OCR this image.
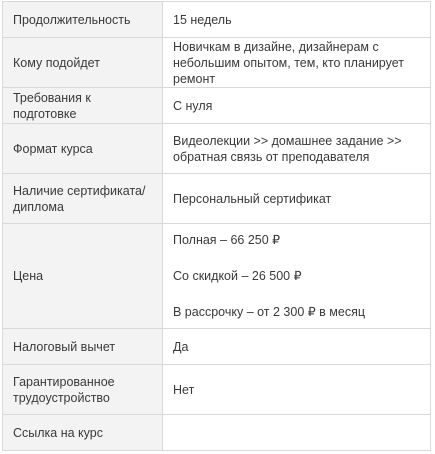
Продолжительность	15 недель
Кому подойдет	Новичкам в дизайне, дизайнерам с небольшим опытом, тем, кто планирует ремонт
Требования к подготовке	С нуля
Формат курса	Видеолекции >> домашнее задание >> обратная связь от преподавателя
Наличие сертификата/ диплома	Персональный сертификат
Цена	Полная – 66 250 ₽
Со скидкой – 26 500 ₽
В рассрочку – от 2 300 ₽ в месяц

Налоговый вычет	Да
Гарантированное трудоустройство	Нет
Ссылка на курс	
